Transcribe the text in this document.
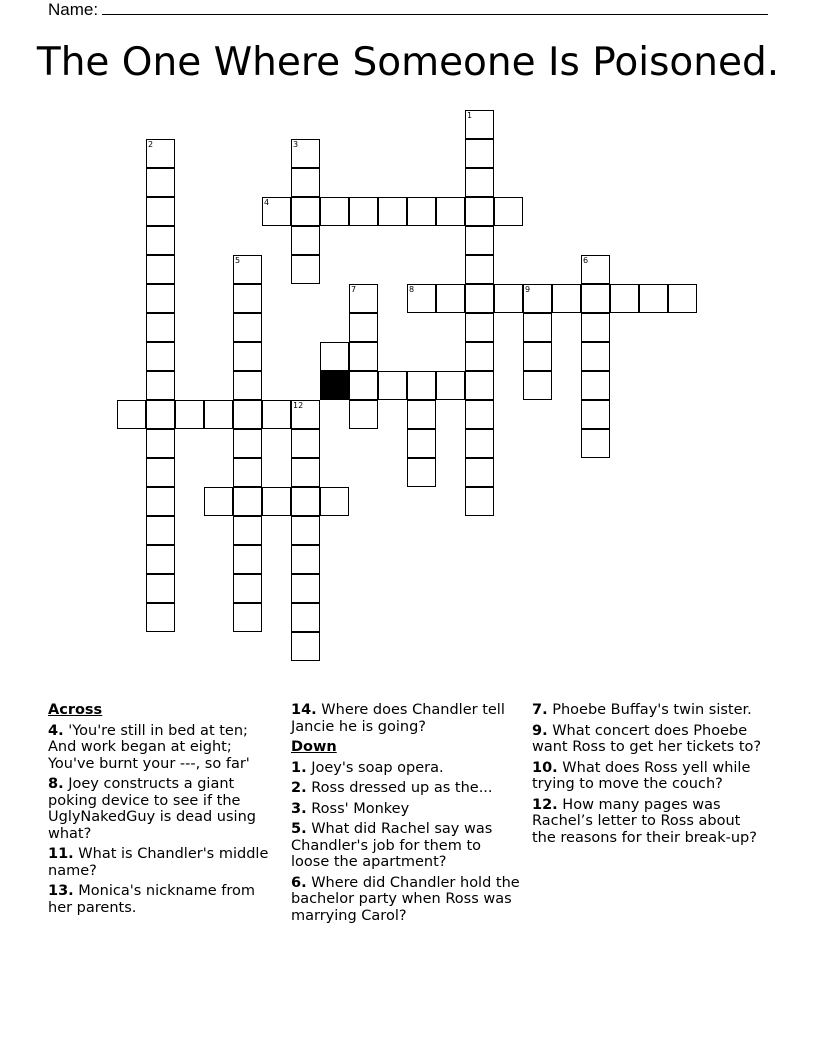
Name:
The One Where Someone Is Poisoned.
1
2	3
4
5	6
7	8	9
11
12
Across
4. 'You're still in bed at ten; And work began at eight; You've burnt your ---, so far'
8. Joey constructs a giant poking device to see if the UglyNakedGuy is dead using what?
11. What is Chandler's middle name?
13. Monica's nickname from her parents.
14. Where does Chandler tell Jancie he is going?
Down
1. Joey's soap opera.
2. Ross dressed up as the...
3. Ross' Monkey
5. What did Rachel say was Chandler's job for them to loose the apartment?
6. Where did Chandler hold the bachelor party when Ross was marrying Carol?
7. Phoebe Buffay's twin sister.
9. What concert does Phoebe want Ross to get her tickets to?
10. What does Ross yell while trying to move the couch?
12. How many pages was Rachel’s letter to Ross about the reasons for their break-up?
